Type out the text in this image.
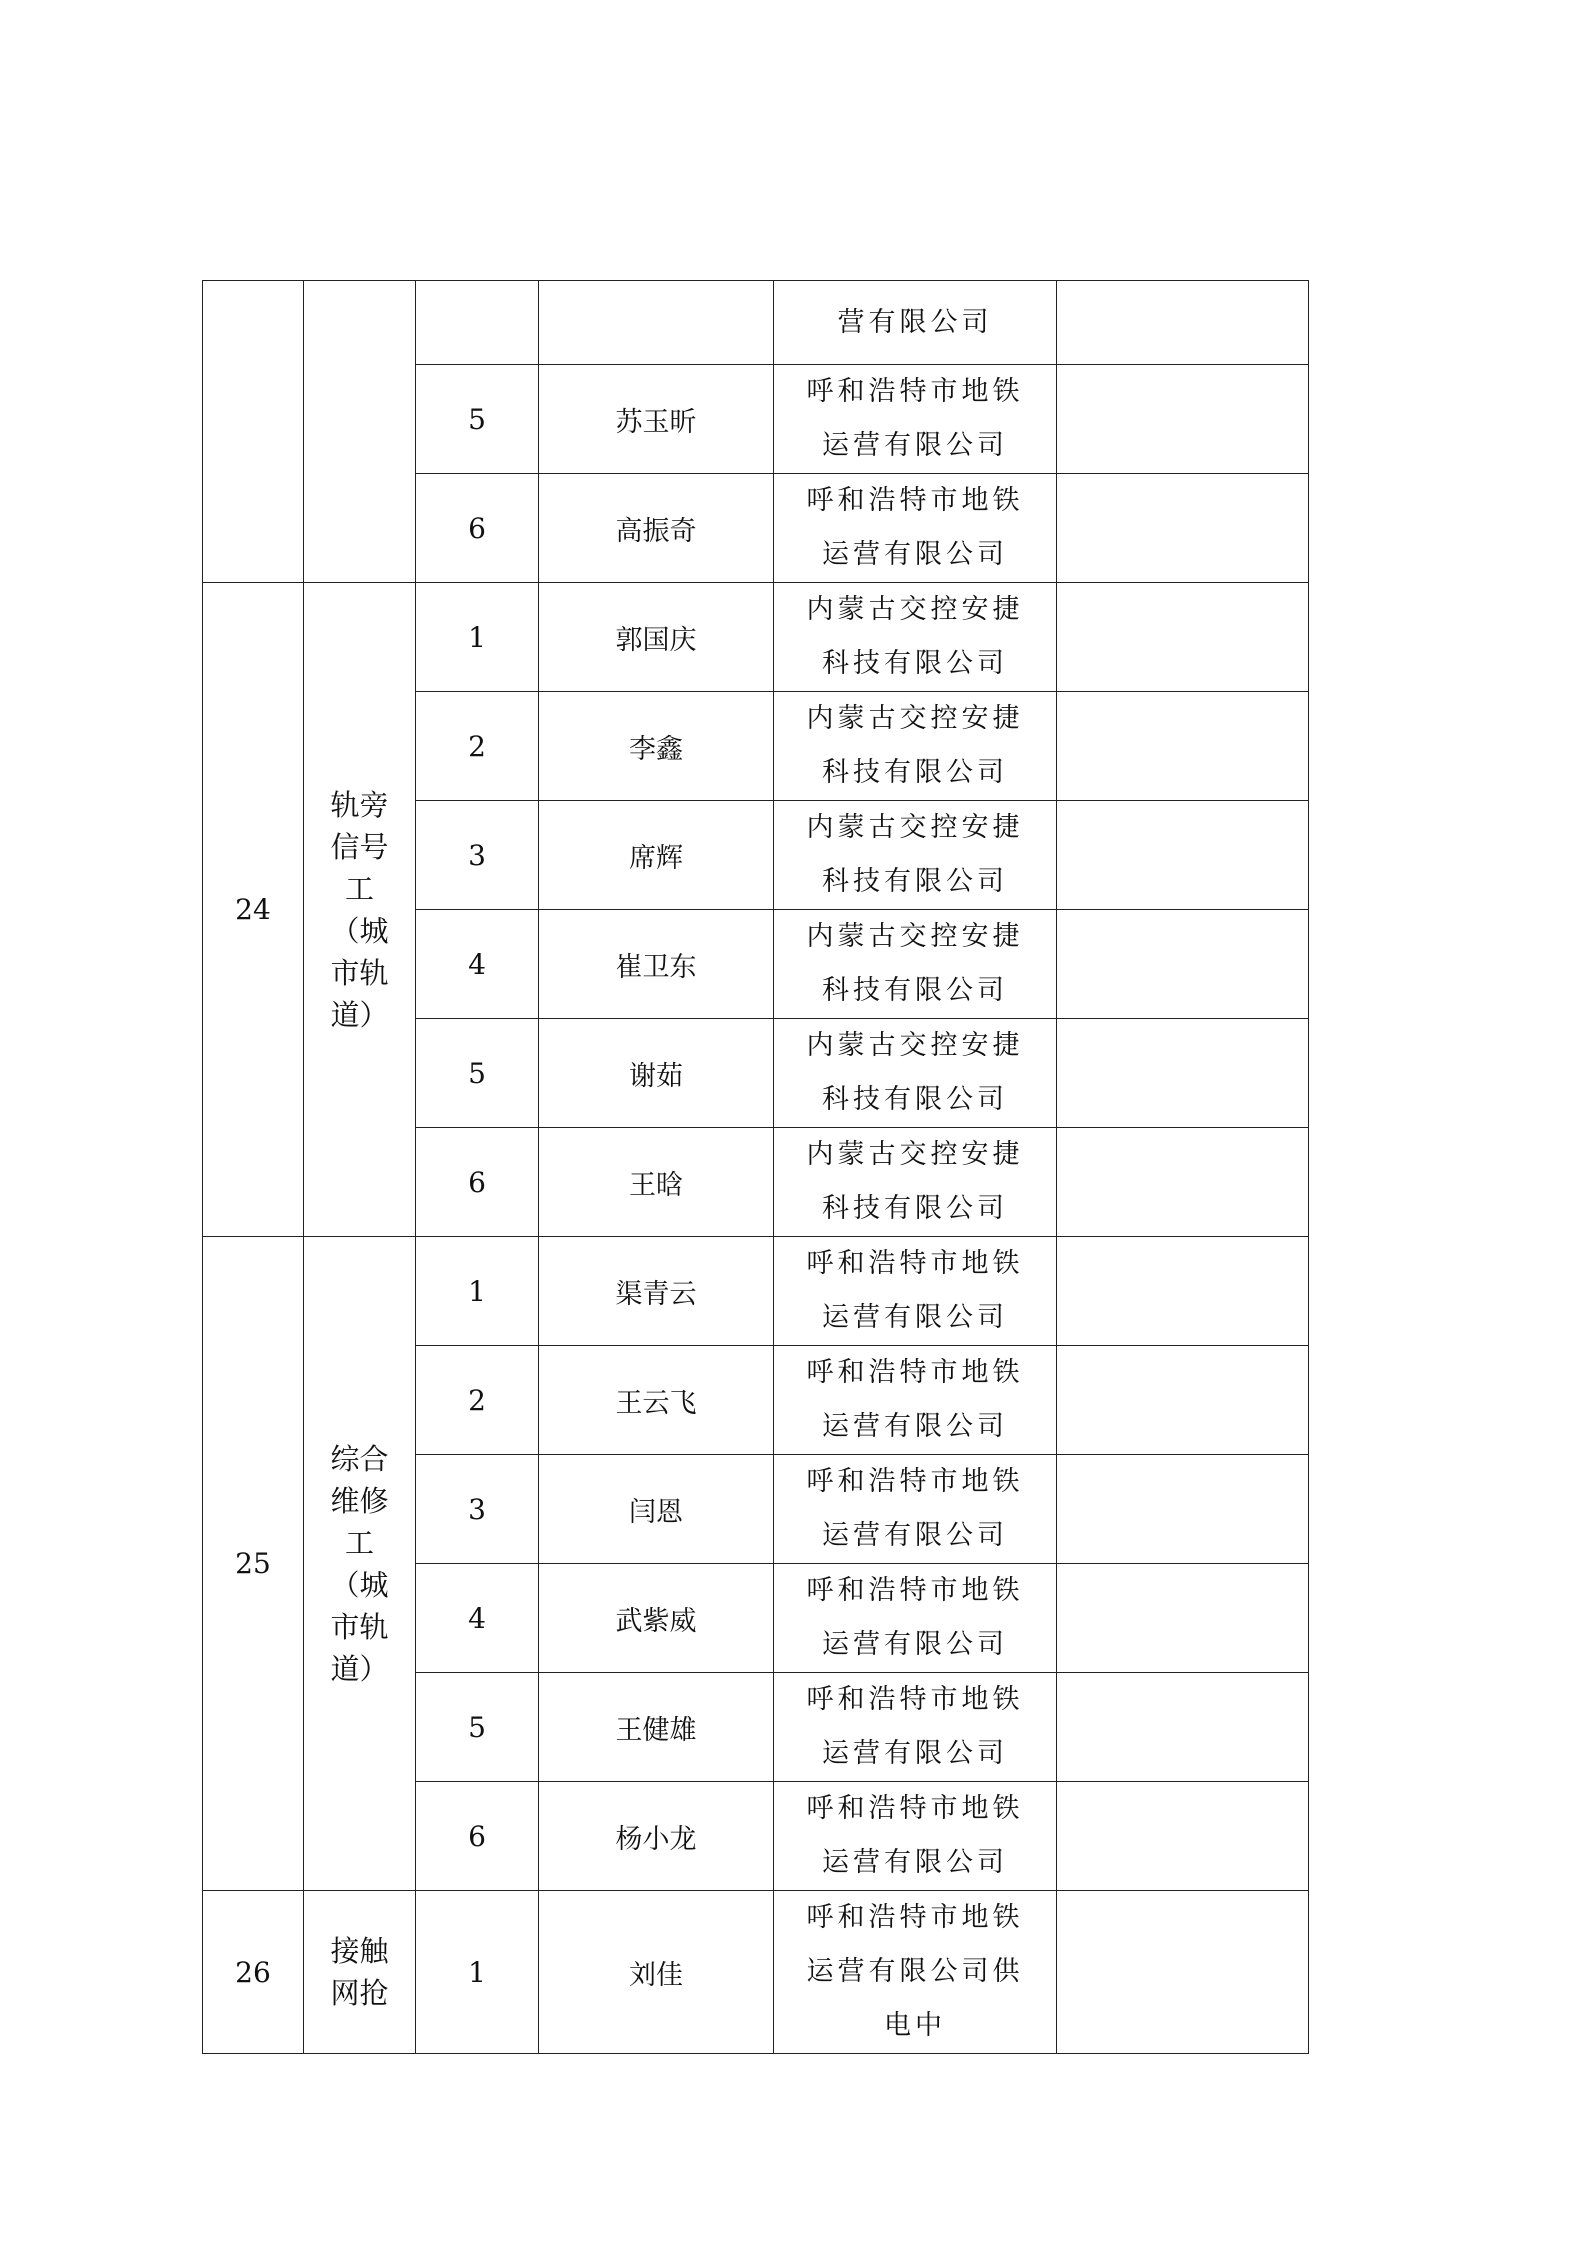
				营有限公司	

		5	苏玉昕	呼和浩特市地铁运营有限公司	

		6	高振奇	呼和浩特市地铁运营有限公司	

24	轨旁信号工（城市轨道）	1	郭国庆	内蒙古交控安捷科技有限公司	

		2	李鑫	内蒙古交控安捷科技有限公司	

		3	席辉	内蒙古交控安捷科技有限公司	

		4	崔卫东	内蒙古交控安捷科技有限公司	

		5	谢茹	内蒙古交控安捷科技有限公司	

		6	王晗	内蒙古交控安捷科技有限公司	

25	综合维修工（城市轨道）	1	渠青云	呼和浩特市地铁运营有限公司	

		2	王云飞	呼和浩特市地铁运营有限公司	

		3	闫恩	呼和浩特市地铁运营有限公司	

		4	武紫威	呼和浩特市地铁运营有限公司	

		5	王健雄	呼和浩特市地铁运营有限公司	

		6	杨小龙	呼和浩特市地铁运营有限公司	

26	接触网抢	1	刘佳	呼和浩特市地铁运营有限公司供电中	
